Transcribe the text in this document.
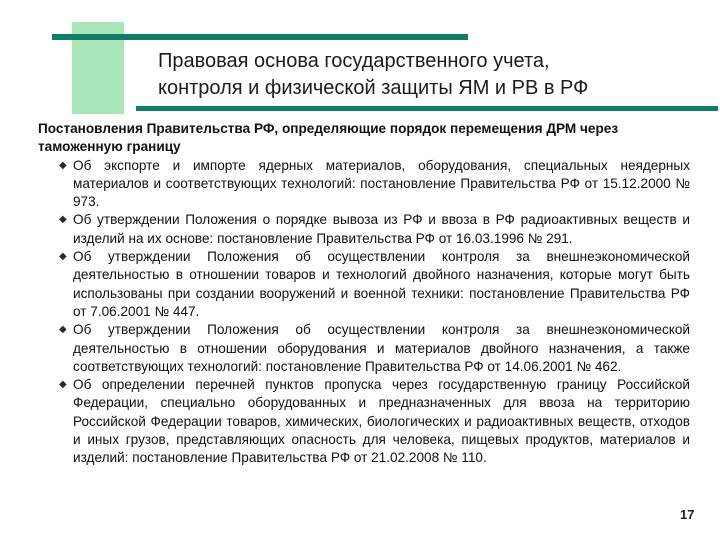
Правовая основа государственного учета,
контроля и физической защиты ЯМ и РВ в РФ

Постановления Правительства РФ, определяющие порядок перемещения ДРМ через таможенную границу

◆ Об экспорте и импорте ядерных материалов, оборудования, специальных неядерных материалов и соответствующих технологий: постановление Правительства РФ от 15.12.2000 № 973.
◆ Об утверждении Положения о порядке вывоза из РФ и ввоза в РФ радиоактивных веществ и изделий на их основе: постановление Правительства РФ от 16.03.1996 № 291.
◆ Об утверждении Положения об осуществлении контроля за внешнеэкономической деятельностью в отношении товаров и технологий двойного назначения, которые могут быть использованы при создании вооружений и военной техники: постановление Правительства РФ от 7.06.2001 № 447.
◆ Об утверждении Положения об осуществлении контроля за внешнеэкономической деятельностью в отношении оборудования и материалов двойного назначения, а также соответствующих технологий: постановление Правительства РФ от 14.06.2001 № 462.
◆ Об определении перечней пунктов пропуска через государственную границу Российской Федерации, специально оборудованных и предназначенных для ввоза на территорию Российской Федерации товаров, химических, биологических и радиоактивных веществ, отходов и иных грузов, представляющих опасность для человека, пищевых продуктов, материалов и изделий: постановление Правительства РФ от 21.02.2008 № 110.
17
